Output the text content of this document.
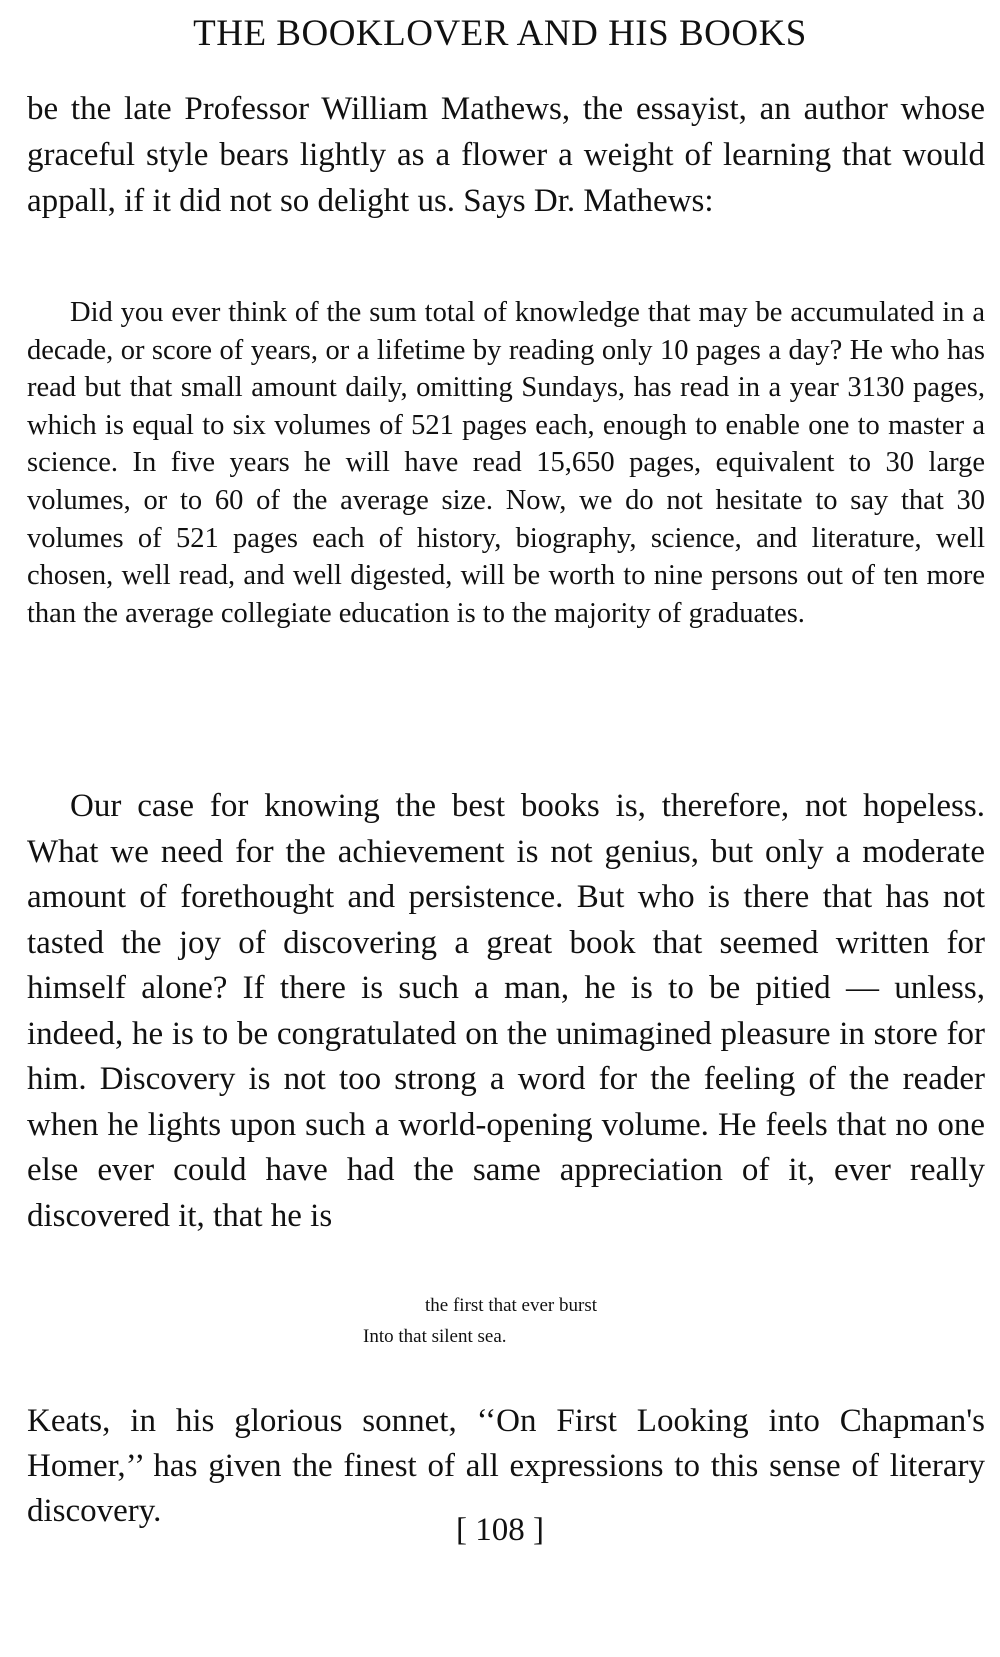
THE BOOKLOVER AND HIS BOOKS

be the late Professor William Mathews, the essayist, an author whose graceful style bears lightly as a flower a weight of learning that would appall, if it did not so delight us. Says Dr. Mathews:

Did you ever think of the sum total of knowledge that may be accumulated in a decade, or score of years, or a lifetime by reading only 10 pages a day? He who has read but that small amount daily, omitting Sundays, has read in a year 3130 pages, which is equal to six volumes of 521 pages each, enough to enable one to master a science. In five years he will have read 15,650 pages, equivalent to 30 large volumes, or to 60 of the average size. Now, we do not hesitate to say that 30 volumes of 521 pages each of history, biography, science, and literature, well chosen, well read, and well digested, will be worth to nine persons out of ten more than the average collegiate education is to the majority of graduates.

Our case for knowing the best books is, therefore, not hopeless. What we need for the achievement is not genius, but only a moderate amount of forethought and persistence. But who is there that has not tasted the joy of discovering a great book that seemed written for himself alone? If there is such a man, he is to be pitied — unless, indeed, he is to be congratulated on the unimagined pleasure in store for him. Discovery is not too strong a word for the feeling of the reader when he lights upon such a world-opening volume. He feels that no one else ever could have had the same appreciation of it, ever really discovered it, that he is

the first that ever burst
Into that silent sea.

Keats, in his glorious sonnet, ‘‘On First Looking into Chapman's Homer,’’ has given the finest of all expressions to this sense of literary discovery.

[ 108 ]
